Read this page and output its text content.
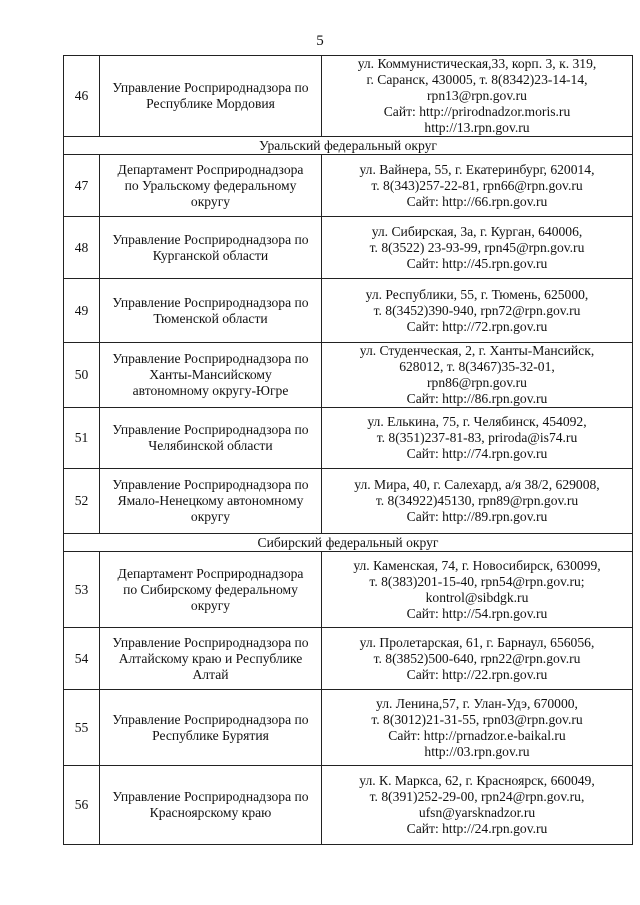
5
46	Управление Росприроднадзора по
Республике Мордовия	ул. Коммунистическая,33, корп. 3, к. 319,
г. Саранск, 430005, т. 8(8342)23-14-14,
rpn13@rpn.gov.ru
Сайт: http://prirodnadzor.moris.ru
http://13.rpn.gov.ru

Уральский федеральный округ		
47	Департамент Росприроднадзора
по Уральскому федеральному
округу	ул. Вайнера, 55, г. Екатеринбург, 620014,
т. 8(343)257-22-81, rpn66@rpn.gov.ru
Сайт: http://66.rpn.gov.ru

48	Управление Росприроднадзора по
Курганской области	ул. Сибирская, 3а, г. Курган, 640006,
т. 8(3522) 23-93-99, rpn45@rpn.gov.ru
Сайт: http://45.rpn.gov.ru

49	Управление Росприроднадзора по
Тюменской области	ул. Республики, 55, г. Тюмень, 625000,
т. 8(3452)390-940, rpn72@rpn.gov.ru
Сайт: http://72.rpn.gov.ru

50	Управление Росприроднадзора по
Ханты-Мансийскому
автономному округу-Югре	ул. Студенческая, 2, г. Ханты-Мансийск,
628012, т. 8(3467)35-32-01,
rpn86@rpn.gov.ru
Сайт: http://86.rpn.gov.ru

51	Управление Росприроднадзора по
Челябинской области	ул. Елькина, 75, г. Челябинск, 454092,
т. 8(351)237-81-83, priroda@is74.ru
Сайт: http://74.rpn.gov.ru

52	Управление Росприроднадзора по
Ямало-Ненецкому автономному
округу	ул. Мира, 40, г. Салехард, а/я 38/2, 629008,
т. 8(34922)45130, rpn89@rpn.gov.ru
Сайт: http://89.rpn.gov.ru

Сибирский федеральный округ		
53	Департамент Росприроднадзора
по Сибирскому федеральному
округу	ул. Каменская, 74, г. Новосибирск, 630099,
т. 8(383)201-15-40, rpn54@rpn.gov.ru;
kontrol@sibdgk.ru
Сайт: http://54.rpn.gov.ru

54	Управление Росприроднадзора по
Алтайскому краю и Республике
Алтай	ул. Пролетарская, 61, г. Барнаул, 656056,
т. 8(3852)500-640, rpn22@rpn.gov.ru
Сайт: http://22.rpn.gov.ru

55	Управление Росприроднадзора по
Республике Бурятия	ул. Ленина,57, г. Улан-Удэ, 670000,
т. 8(3012)21-31-55, rpn03@rpn.gov.ru
Сайт: http://prnadzor.e-baikal.ru
http://03.rpn.gov.ru

56	Управление Росприроднадзора по
Красноярскому краю	ул. К. Маркса, 62, г. Красноярск, 660049,
т. 8(391)252-29-00, rpn24@rpn.gov.ru,
ufsn@yarsknadzor.ru
Сайт: http://24.rpn.gov.ru
